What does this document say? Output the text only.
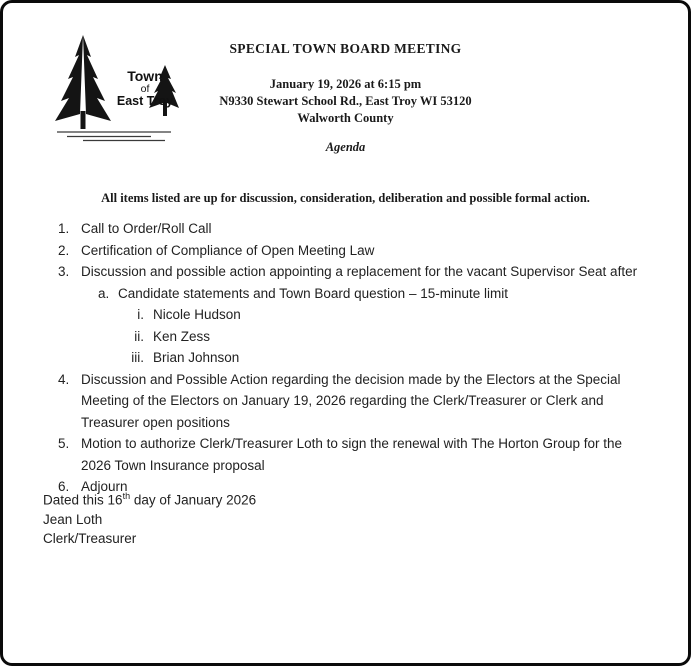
Town
of
East Troy
SPECIAL TOWN BOARD MEETING
January 19, 2026 at 6:15 pm
N9330 Stewart School Rd., East Troy WI 53120
Walworth County
Agenda
All items listed are up for discussion, consideration, deliberation and possible formal action.
1. Call to Order/Roll Call
2. Certification of Compliance of Open Meeting Law
3. Discussion and possible action appointing a replacement for the vacant Supervisor Seat after
a. Candidate statements and Town Board question – 15-minute limit
i. Nicole Hudson
ii. Ken Zess
iii. Brian Johnson
4. Discussion and Possible Action regarding the decision made by the Electors at the Special Meeting of the Electors on January 19, 2026 regarding the Clerk/Treasurer or Clerk and Treasurer open positions
5. Motion to authorize Clerk/Treasurer Loth to sign the renewal with The Horton Group for the 2026 Town Insurance proposal
6. Adjourn
Dated this 16th day of January 2026
Jean Loth
Clerk/Treasurer
